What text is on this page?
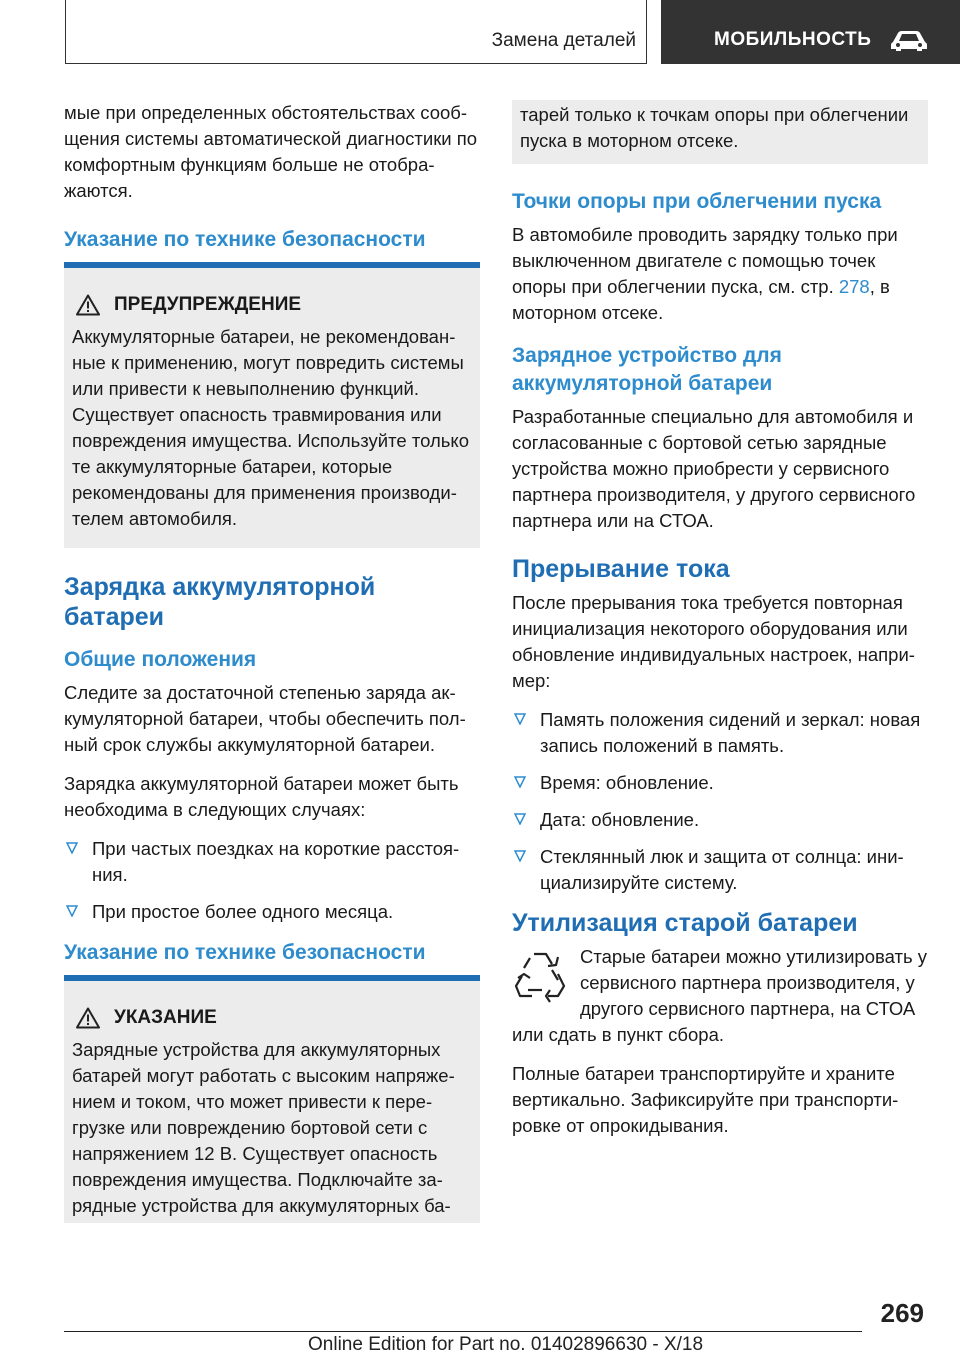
Замена деталей	МОБИЛЬНОСТЬ

мые при определенных обстоятельствах сообщения системы автоматической диагностики по комфортным функциям больше не отображаются.

Указание по технике безопасности
ПРЕДУПРЕЖДЕНИЕ

Аккумуляторные батареи, не рекомендованные к применению, могут повредить системы или привести к невыполнению функций. Существует опасность травмирования или повреждения имущества. Используйте только те аккумуляторные батареи, которые рекомендованы для применения производителем автомобиля.

Зарядка аккумуляторной батареи
Общие положения

Следите за достаточной степенью заряда аккумуляторной батареи, чтобы обеспечить полный срок службы аккумуляторной батареи.

Зарядка аккумуляторной батареи может быть необходима в следующих случаях:

При частых поездках на короткие расстояния.
При простое более одного месяца.
Указание по технике безопасности
УКАЗАНИЕ

Зарядные устройства для аккумуляторных батарей могут работать с высоким напряжением и током, что может привести к перегрузке или повреждению бортовой сети с напряжением 12 В. Существует опасность повреждения имущества. Подключайте зарядные устройства для аккумуляторных ба-

тарей только к точкам опоры при облегчении пуска в моторном отсеке.

Точки опоры при облегчении пуска

В автомобиле проводить зарядку только при выключенном двигателе с помощью точек опоры при облегчении пуска, см. стр. 278, в моторном отсеке.

Зарядное устройство для аккумуляторной батареи

Разработанные специально для автомобиля и согласованные с бортовой сетью зарядные устройства можно приобрести у сервисного партнера производителя, у другого сервисного партнера или на СТОА.

Прерывание тока

После прерывания тока требуется повторная инициализация некоторого оборудования или обновление индивидуальных настроек, например:

Память положения сидений и зеркал: новая запись положений в память.
Время: обновление.
Дата: обновление.
Стеклянный люк и защита от солнца: инициализируйте систему.
Утилизация старой батареи

Старые батареи можно утилизировать у сервисного партнера производителя, у другого сервисного партнера, на СТОА или сдать в пункт сбора.

Полные батареи транспортируйте и храните вертикально. Зафиксируйте при транспортировке от опрокидывания.

269
Online Edition for Part no. 01402896630 - X/18
